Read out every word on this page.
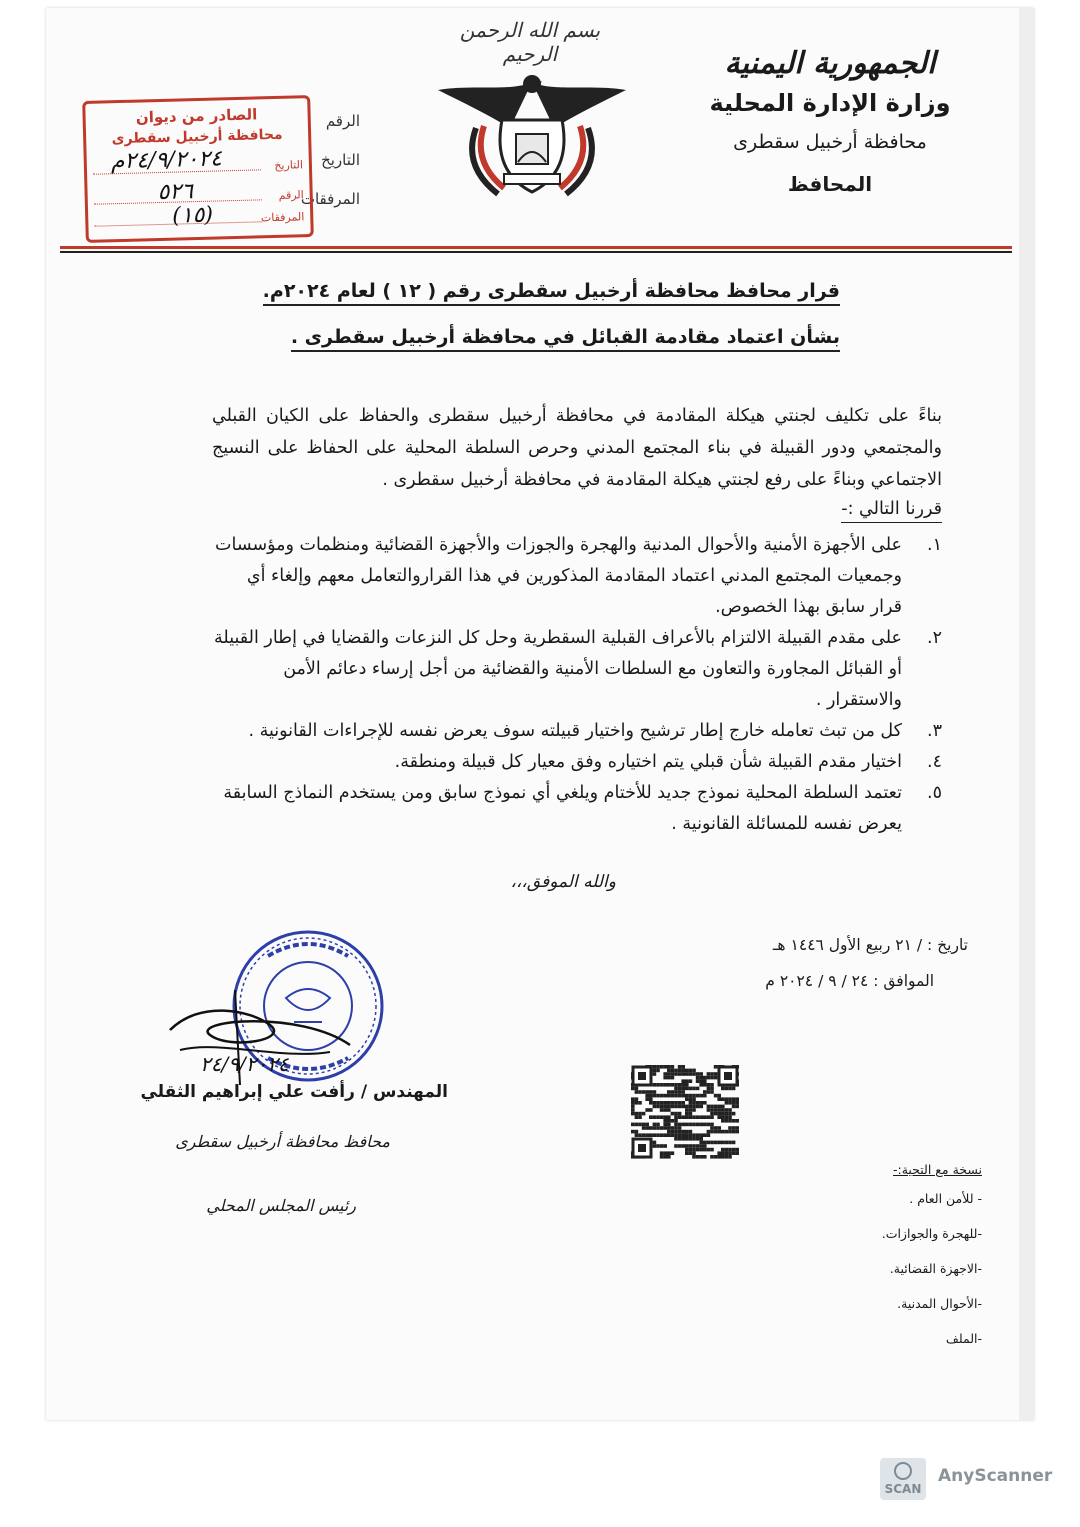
الجمهورية اليمنية
وزارة الإدارة المحلية
محافظة أرخبيل سقطرى
المحافظ
بسم الله الرحمن الرحيم
الرقم
التاريخ
المرفقات
الصادر من ديوان
محافظة أرخبيل سقطرى
التاريخ
الرقم
المرفقات
٢٤/٩/٢٠٢٤م
٥٢٦
(١٥)
قرار محافظ محافظة أرخبيل سقطرى رقم ( ١٢ ) لعام ٢٠٢٤م.
بشأن اعتماد مقادمة القبائل في محافظة أرخبيل سقطرى .
بناءً على تكليف لجنتي هيكلة المقادمة في محافظة أرخبيل سقطرى والحفاظ على الكيان القبلي والمجتمعي ودور القبيلة في بناء المجتمع المدني وحرص السلطة المحلية على الحفاظ على النسيج الاجتماعي وبناءً على رفع لجنتي هيكلة المقادمة في محافظة أرخبيل سقطرى .
قررنا التالي :-
١.
على الأجهزة الأمنية والأحوال المدنية والهجرة والجوزات والأجهزة القضائية ومنظمات ومؤسسات وجمعيات المجتمع المدني اعتماد المقادمة المذكورين في هذا القراروالتعامل معهم وإلغاء أي قرار سابق بهذا الخصوص.
٢.
على مقدم القبيلة الالتزام بالأعراف القبلية السقطرية وحل كل النزعات والقضايا في إطار القبيلة أو القبائل المجاورة والتعاون مع السلطات الأمنية والقضائية من أجل إرساء دعائم الأمن والاستقرار .
٣.
كل من تبث تعامله خارج إطار ترشيح واختيار قبيلته سوف يعرض نفسه للإجراءات القانونية .
٤.
اختيار مقدم القبيلة شأن قبلي يتم اختياره وفق معيار كل قبيلة ومنطقة.
٥.
تعتمد السلطة المحلية نموذج جديد للأختام ويلغي أي نموذج سابق ومن يستخدم النماذج السابقة يعرض نفسه للمسائلة القانونية .
والله الموفق،،،
تاريخ : / ٢١ ربيع الأول ١٤٤٦ هـ
الموافق : ٢٤ / ٩ / ٢٠٢٤ م
٢٤/٩/٢٠٢٤
المهندس / رأفت علي إبراهيم الثقلي
محافظ محافظة أرخبيل سقطرى
رئيس المجلس المحلي
نسخة مع التحية:-
- للأمن العام .
-للهجرة والجوازات.
-الاجهزة القضائية.
-الأحوال المدنية.
-الملف
SCAN
AnyScanner
